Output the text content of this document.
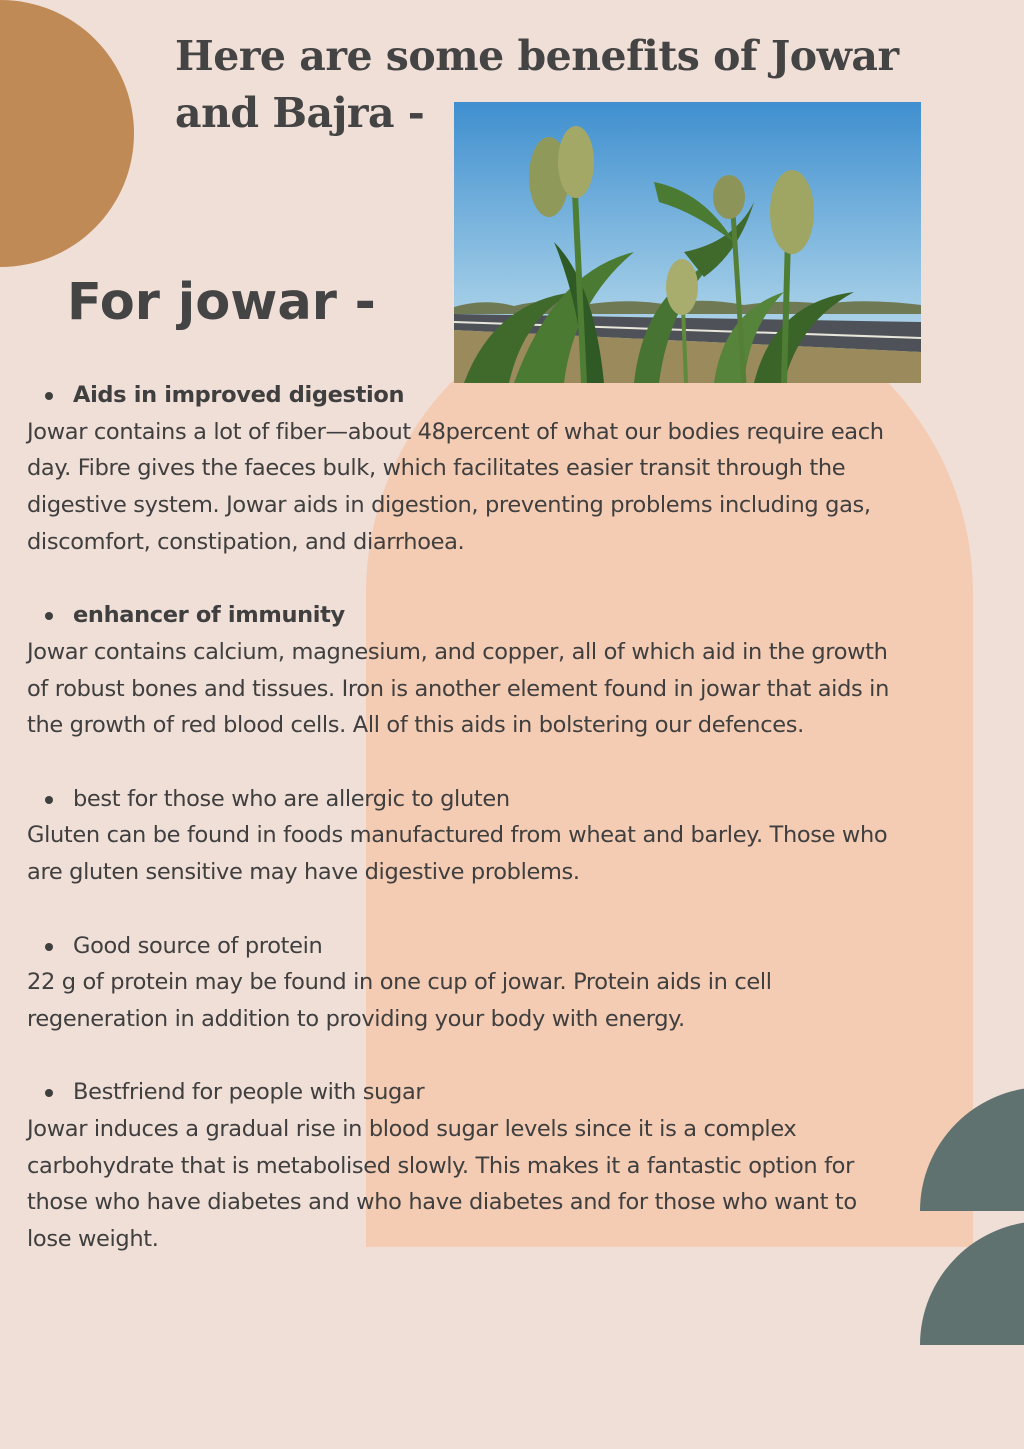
Here are some benefits of Jowar and Bajra -
For jowar -

Aids in improved digestion

Jowar contains a lot of fiber—about 48percent of what our bodies require each day. Fibre gives the faeces bulk, which facilitates easier transit through the digestive system. Jowar aids in digestion, preventing problems including gas, discomfort, constipation, and diarrhoea.

enhancer of immunity

Jowar contains calcium, magnesium, and copper, all of which aid in the growth of robust bones and tissues. Iron is another element found in jowar that aids in the growth of red blood cells. All of this aids in bolstering our defences.

best for those who are allergic to gluten

Gluten can be found in foods manufactured from wheat and barley. Those who are gluten sensitive may have digestive problems.

Good source of protein

22 g of protein may be found in one cup of jowar. Protein aids in cell regeneration in addition to providing your body with energy.

Bestfriend for people with sugar

Jowar induces a gradual rise in blood sugar levels since it is a complex carbohydrate that is metabolised slowly. This makes it a fantastic option for those who have diabetes and who have diabetes and for those who want to lose weight.
